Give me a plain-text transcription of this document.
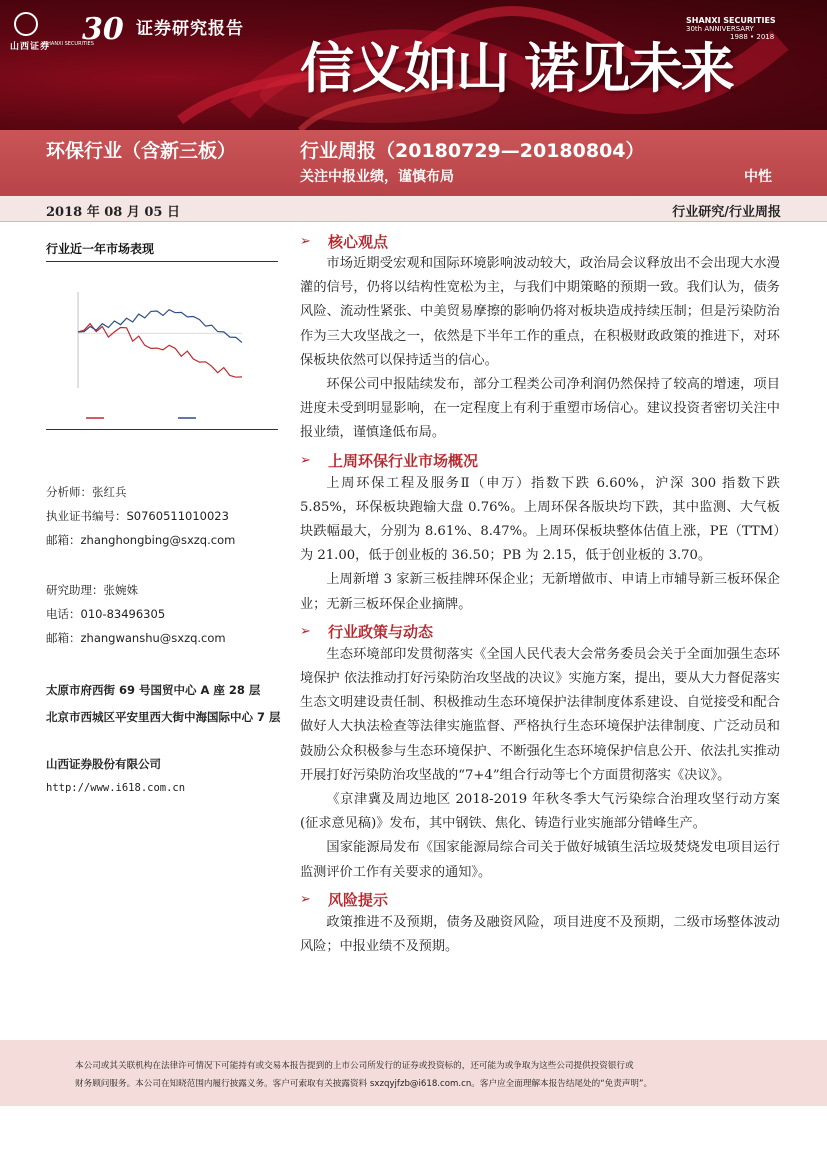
山西证券
SHANXI SECURITIES
30 证券研究报告
信义如山 诺见未来
SHANXI SECURITIES
30th ANNIVERSARY
1988 • 2018
环保行业（含新三板）	行业周报（20180729—20180804）
关注中报业绩，谨慎布局	中性
2018 年 08 月 05 日	行业研究/行业周报
行业近一年市场表现
分析师：张红兵
执业证书编号：S0760511010023
邮箱：zhanghongbing@sxzq.com
研究助理：张婉姝
电话：010-83496305
邮箱：zhangwanshu@sxzq.com
太原市府西街 69 号国贸中心 A 座 28 层
北京市西城区平安里西大街中海国际中心 7 层
山西证券股份有限公司
http://www.i618.com.cn
➢	核心观点
市场近期受宏观和国际环境影响波动较大，政治局会议释放出不会出现大水漫灌的信号，仍将以结构性宽松为主，与我们中期策略的预期一致。我们认为，债务风险、流动性紧张、中美贸易摩擦的影响仍将对板块造成持续压制；但是污染防治作为三大攻坚战之一，依然是下半年工作的重点，在积极财政政策的推进下，对环保板块依然可以保持适当的信心。
环保公司中报陆续发布，部分工程类公司净利润仍然保持了较高的增速，项目进度未受到明显影响，在一定程度上有利于重塑市场信心。建议投资者密切关注中报业绩，谨慎逢低布局。
➢	上周环保行业市场概况
上周环保工程及服务Ⅱ（申万）指数下跌 6.60%，沪深 300 指数下跌5.85%，环保板块跑输大盘 0.76%。上周环保各版块均下跌，其中监测、大气板块跌幅最大，分别为 8.61%、8.47%。上周环保板块整体估值上涨，PE（TTM）为 21.00，低于创业板的 36.50；PB 为 2.15，低于创业板的 3.70。
上周新增 3 家新三板挂牌环保企业；无新增做市、申请上市辅导新三板环保企业；无新三板环保企业摘牌。
➢	行业政策与动态
生态环境部印发贯彻落实《全国人民代表大会常务委员会关于全面加强生态环境保护 依法推动打好污染防治攻坚战的决议》实施方案，提出，要从大力督促落实生态文明建设责任制、积极推动生态环境保护法律制度体系建设、自觉接受和配合做好人大执法检查等法律实施监督、严格执行生态环境保护法律制度、广泛动员和鼓励公众积极参与生态环境保护、不断强化生态环境保护信息公开、依法扎实推动开展打好污染防治攻坚战的“7+4”组合行动等七个方面贯彻落实《决议》。
《京津冀及周边地区 2018-2019 年秋冬季大气污染综合治理攻坚行动方案(征求意见稿)》发布，其中钢铁、焦化、铸造行业实施部分错峰生产。
国家能源局发布《国家能源局综合司关于做好城镇生活垃圾焚烧发电项目运行监测评价工作有关要求的通知》。
➢	风险提示
政策推进不及预期，债务及融资风险，项目进度不及预期，二级市场整体波动风险；中报业绩不及预期。
本公司或其关联机构在法律许可情况下可能持有或交易本报告提到的上市公司所发行的证券或投资标的，还可能为或争取为这些公司提供投资银行或
财务顾问服务。本公司在知晓范围内履行披露义务。客户可索取有关披露资料 sxzqyjfzb@i618.com.cn。客户应全面理解本报告结尾处的“免责声明”。
